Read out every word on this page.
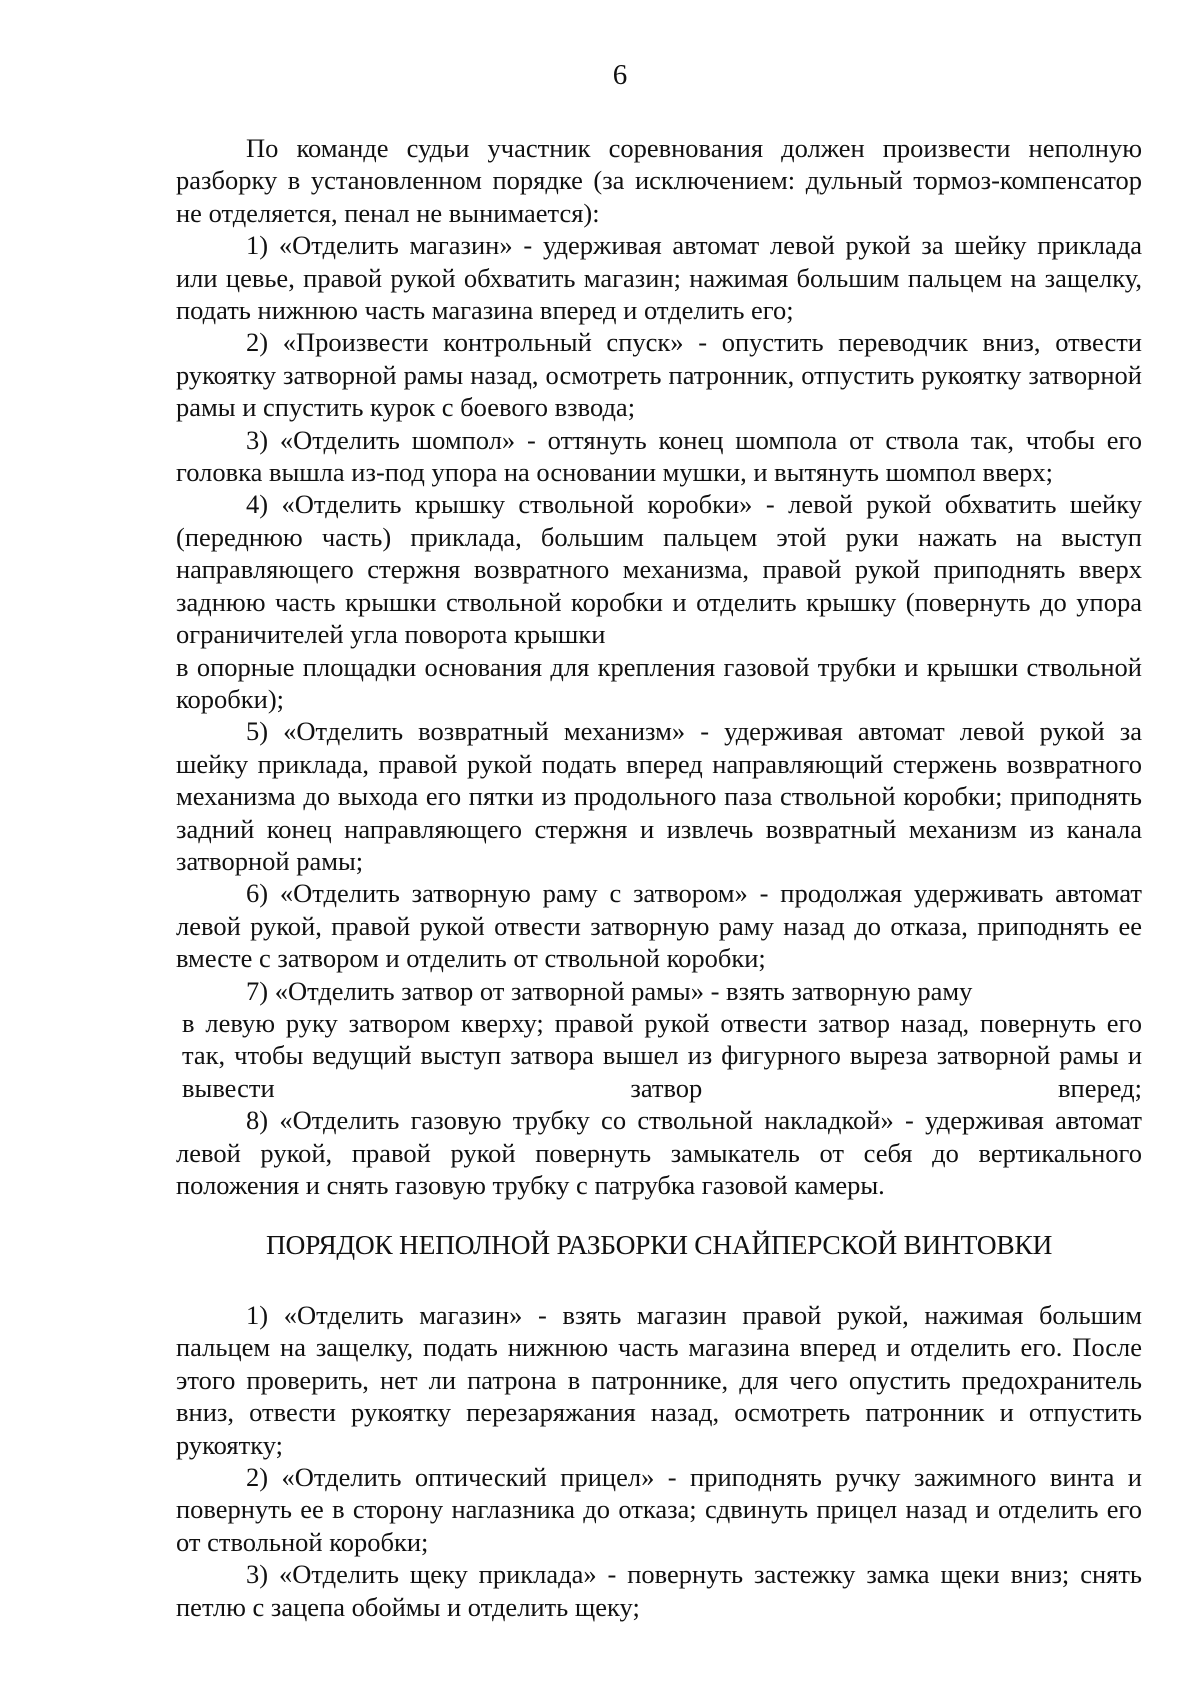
6

По команде судьи участник соревнования должен произвести неполную разборку в установленном порядке (за исключением: дульный тормоз-компенсатор не отделяется, пенал не вынимается):

1) «Отделить магазин» - удерживая автомат левой рукой за шейку приклада или цевье, правой рукой обхватить магазин; нажимая большим пальцем на защелку, подать нижнюю часть магазина вперед и отделить его;

2) «Произвести контрольный спуск» - опустить переводчик вниз, отвести рукоятку затворной рамы назад, осмотреть патронник, отпустить рукоятку затворной рамы и спустить курок с боевого взвода;

3) «Отделить шомпол» - оттянуть конец шомпола от ствола так, чтобы его головка вышла из-под упора на основании мушки, и вытянуть шомпол вверх;

4) «Отделить крышку ствольной коробки» - левой рукой обхватить шейку (переднюю часть) приклада, большим пальцем этой руки нажать на выступ направляющего стержня возвратного механизма, правой рукой приподнять вверх заднюю часть крышки ствольной коробки и отделить крышку (повернуть до упора ограничителей угла поворота крышки
в опорные площадки основания для крепления газовой трубки и крышки ствольной коробки);

5) «Отделить возвратный механизм» - удерживая автомат левой рукой за шейку приклада, правой рукой подать вперед направляющий стержень возвратного механизма до выхода его пятки из продольного паза ствольной коробки; приподнять задний конец направляющего стержня и извлечь возвратный механизм из канала затворной рамы;

6) «Отделить затворную раму с затвором» - продолжая удерживать автомат левой рукой, правой рукой отвести затворную раму назад до отказа, приподнять ее вместе с затвором и отделить от ствольной коробки;

7) «Отделить затвор от затворной рамы» - взять затворную раму
в левую руку затвором кверху; правой рукой отвести затвор назад, повернуть его так, чтобы ведущий выступ затвора вышел из фигурного выреза затворной рамы и вывести затвор вперед;

8) «Отделить газовую трубку со ствольной накладкой» - удерживая автомат левой рукой, правой рукой повернуть замыкатель от себя до вертикального положения и снять газовую трубку с патрубка газовой камеры.

ПОРЯДОК НЕПОЛНОЙ РАЗБОРКИ СНАЙПЕРСКОЙ ВИНТОВКИ

1) «Отделить магазин» - взять магазин правой рукой, нажимая большим пальцем на защелку, подать нижнюю часть магазина вперед и отделить его. После этого проверить, нет ли патрона в патроннике, для чего опустить предохранитель вниз, отвести рукоятку перезаряжания назад, осмотреть патронник и отпустить рукоятку;

2) «Отделить оптический прицел» - приподнять ручку зажимного винта и повернуть ее в сторону наглазника до отказа; сдвинуть прицел назад и отделить его от ствольной коробки;

3) «Отделить щеку приклада» - повернуть застежку замка щеки вниз; снять петлю с зацепа обоймы и отделить щеку;
